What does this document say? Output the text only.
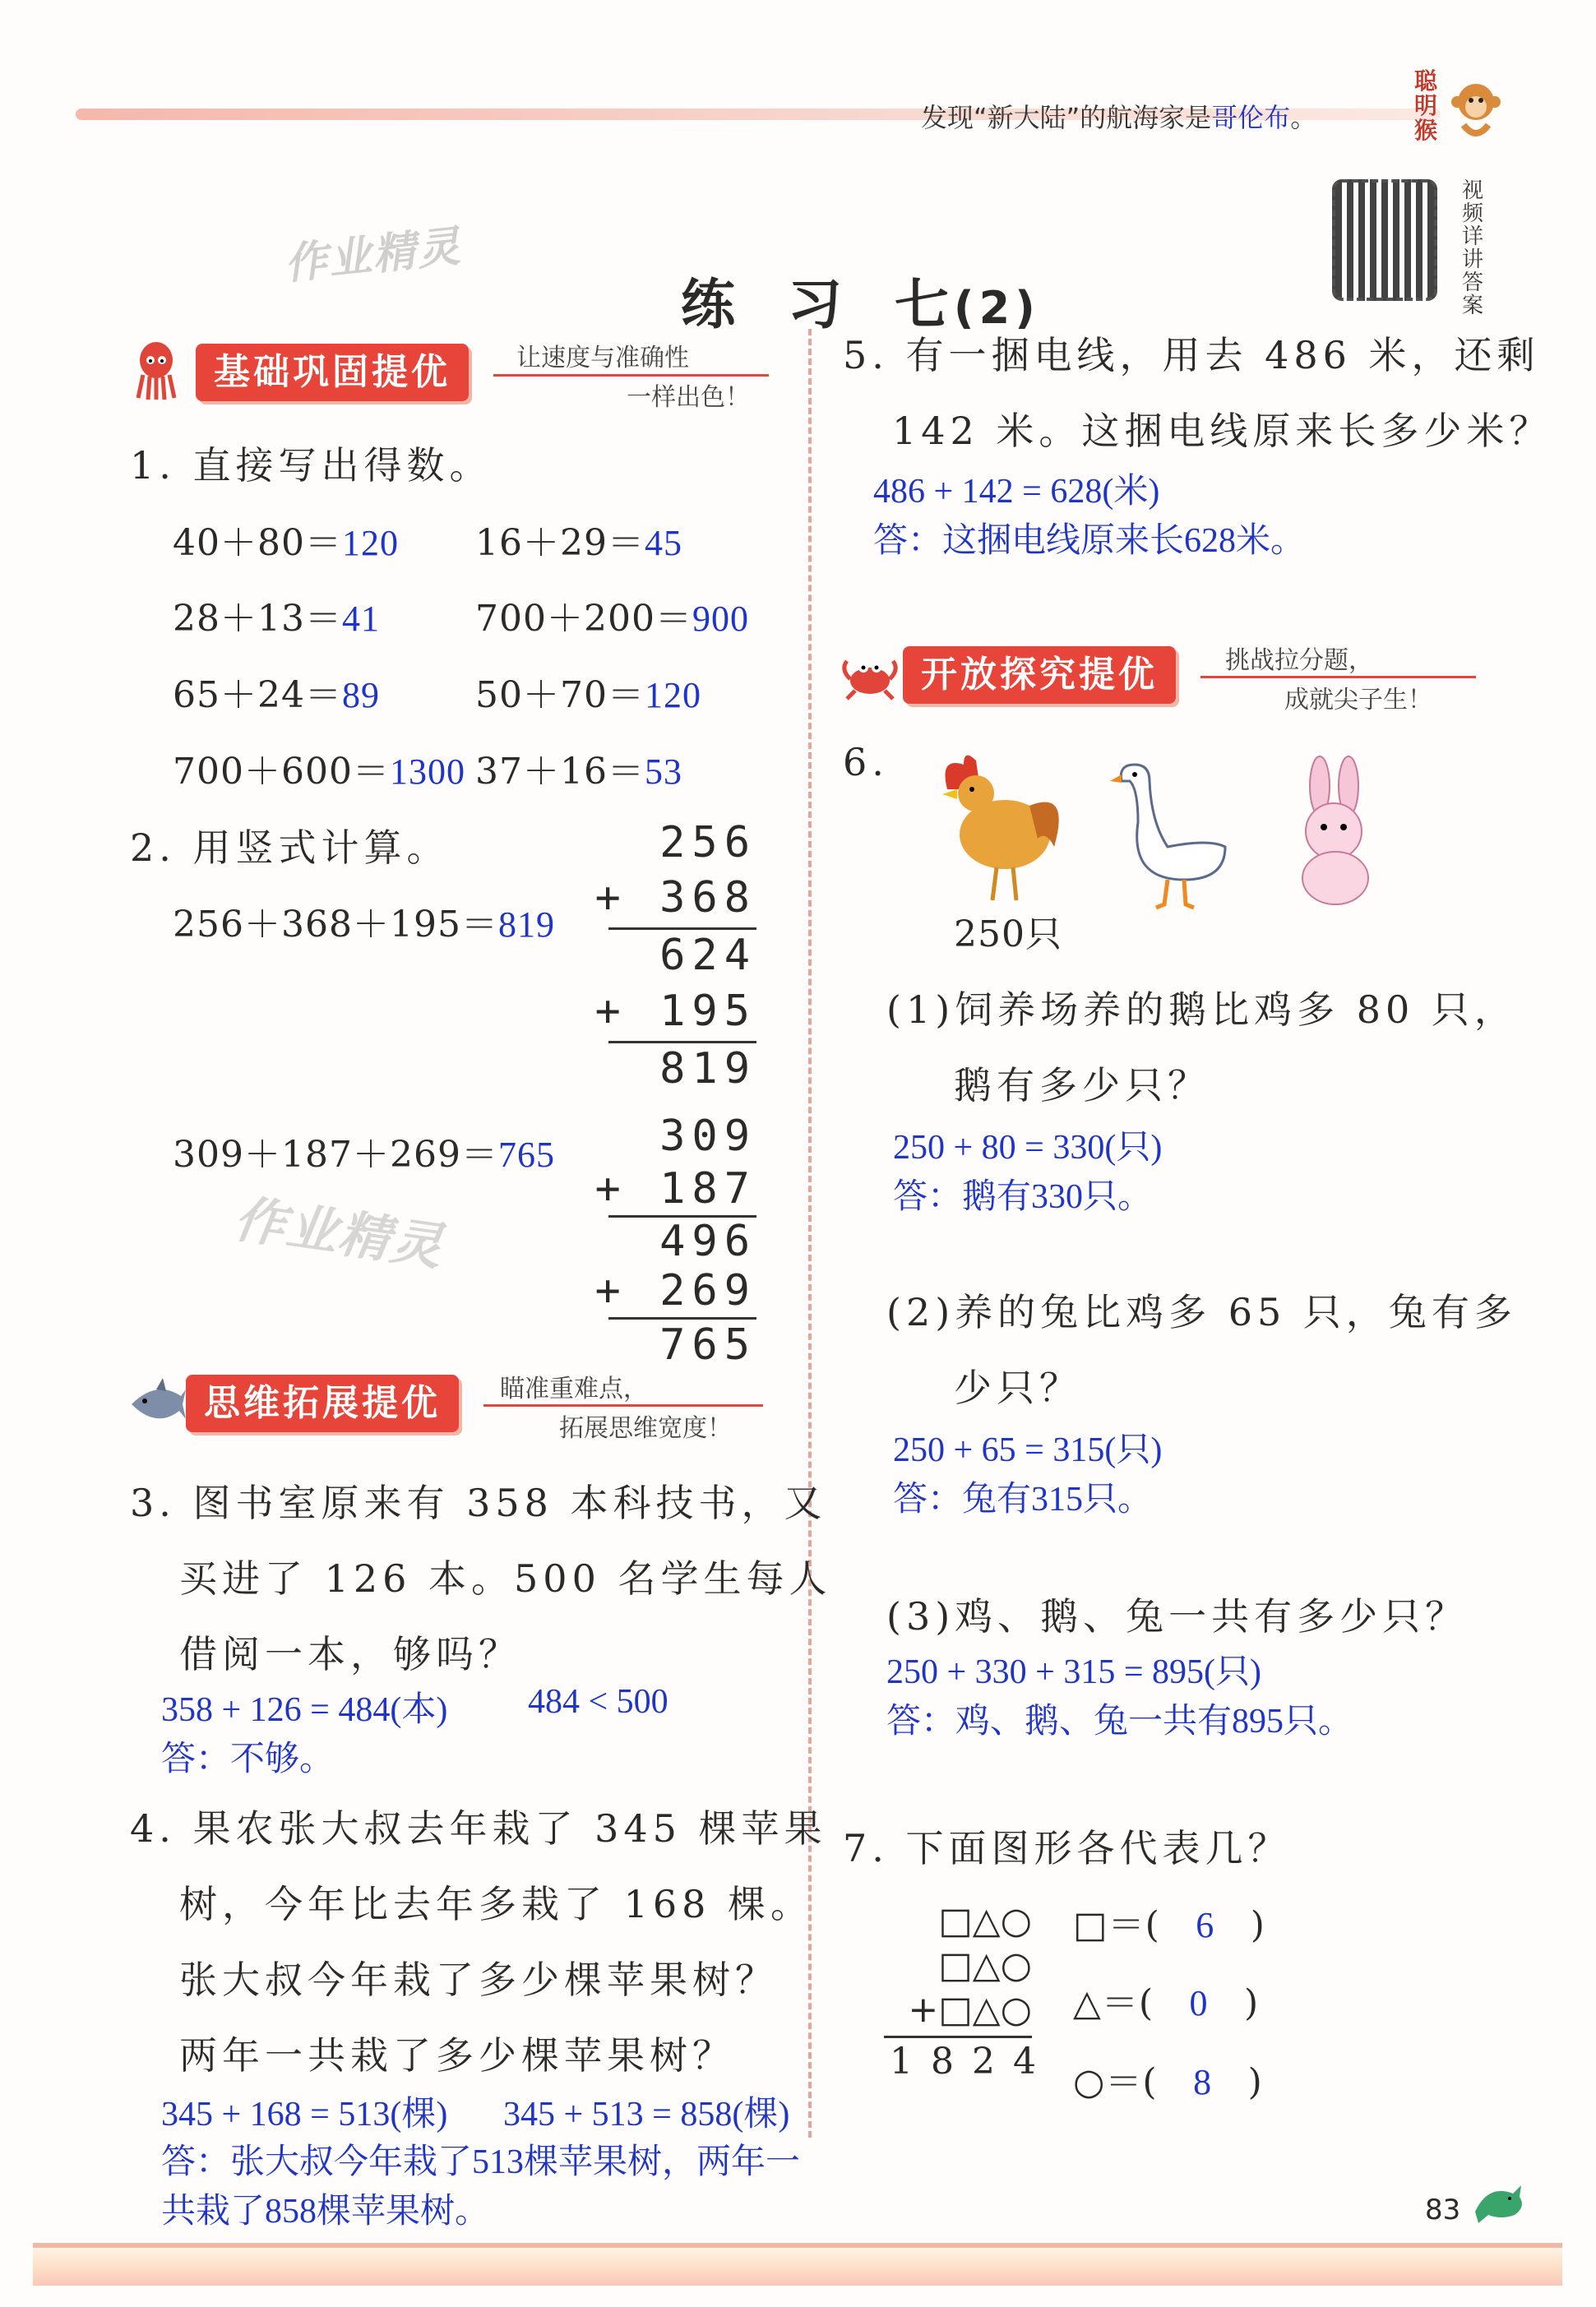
发现“新大陆”的航海家是哥伦布。
聪明猴

练  习  七(2)

作业精灵
视频详讲答案
基础巩固提优	让速度与准确性
一样出色！
1. 直接写出得数。
40＋80＝120 16＋29＝45
28＋13＝41	700＋200＝900
65＋24＝89	50＋70＝120
700＋600＝1300 37＋16＝53
2. 用竖式计算。
256＋368＋195＝819
256
+ 368
624
+ 195
819
309＋187＋269＝765	309
+ 187
496
+ 269
765
作业精灵
思维拓展提优	瞄准重难点，
拓展思维宽度！
3. 图书室原来有 358 本科技书，又
买进了 126 本。500 名学生每人
借阅一本，够吗？
358 + 126 = 484(本) 484 < 500
答：不够。
4. 果农张大叔去年栽了 345 棵苹果
树，今年比去年多栽了 168 棵。
张大叔今年栽了多少棵苹果树？
两年一共栽了多少棵苹果树？
345 + 168 = 513(棵) 345 + 513 = 858(棵)
答：张大叔今年栽了513棵苹果树，两年一
共栽了858棵苹果树。
5. 有一捆电线，用去 486 米，还剩
142 米。这捆电线原来长多少米？
486 + 142 = 628(米)
答：这捆电线原来长628米。
开放探究提优	挑战拉分题，
成就尖子生！
6.
250只
(1)饲养场养的鹅比鸡多 80 只，
鹅有多少只？
250 + 80 = 330(只)
答：鹅有330只。
(2)养的兔比鸡多 65 只，兔有多
少只？
250 + 65 = 315(只)
答：兔有315只。
(3)鸡、鹅、兔一共有多少只？
250 + 330 + 315 = 895(只)
答：鸡、鹅、兔一共有895只。
7. 下面图形各代表几？
□△○
□△○
+□△○
1 8 2 4
□＝( 6 )
△＝( 0 )
○＝( 8 )
83
